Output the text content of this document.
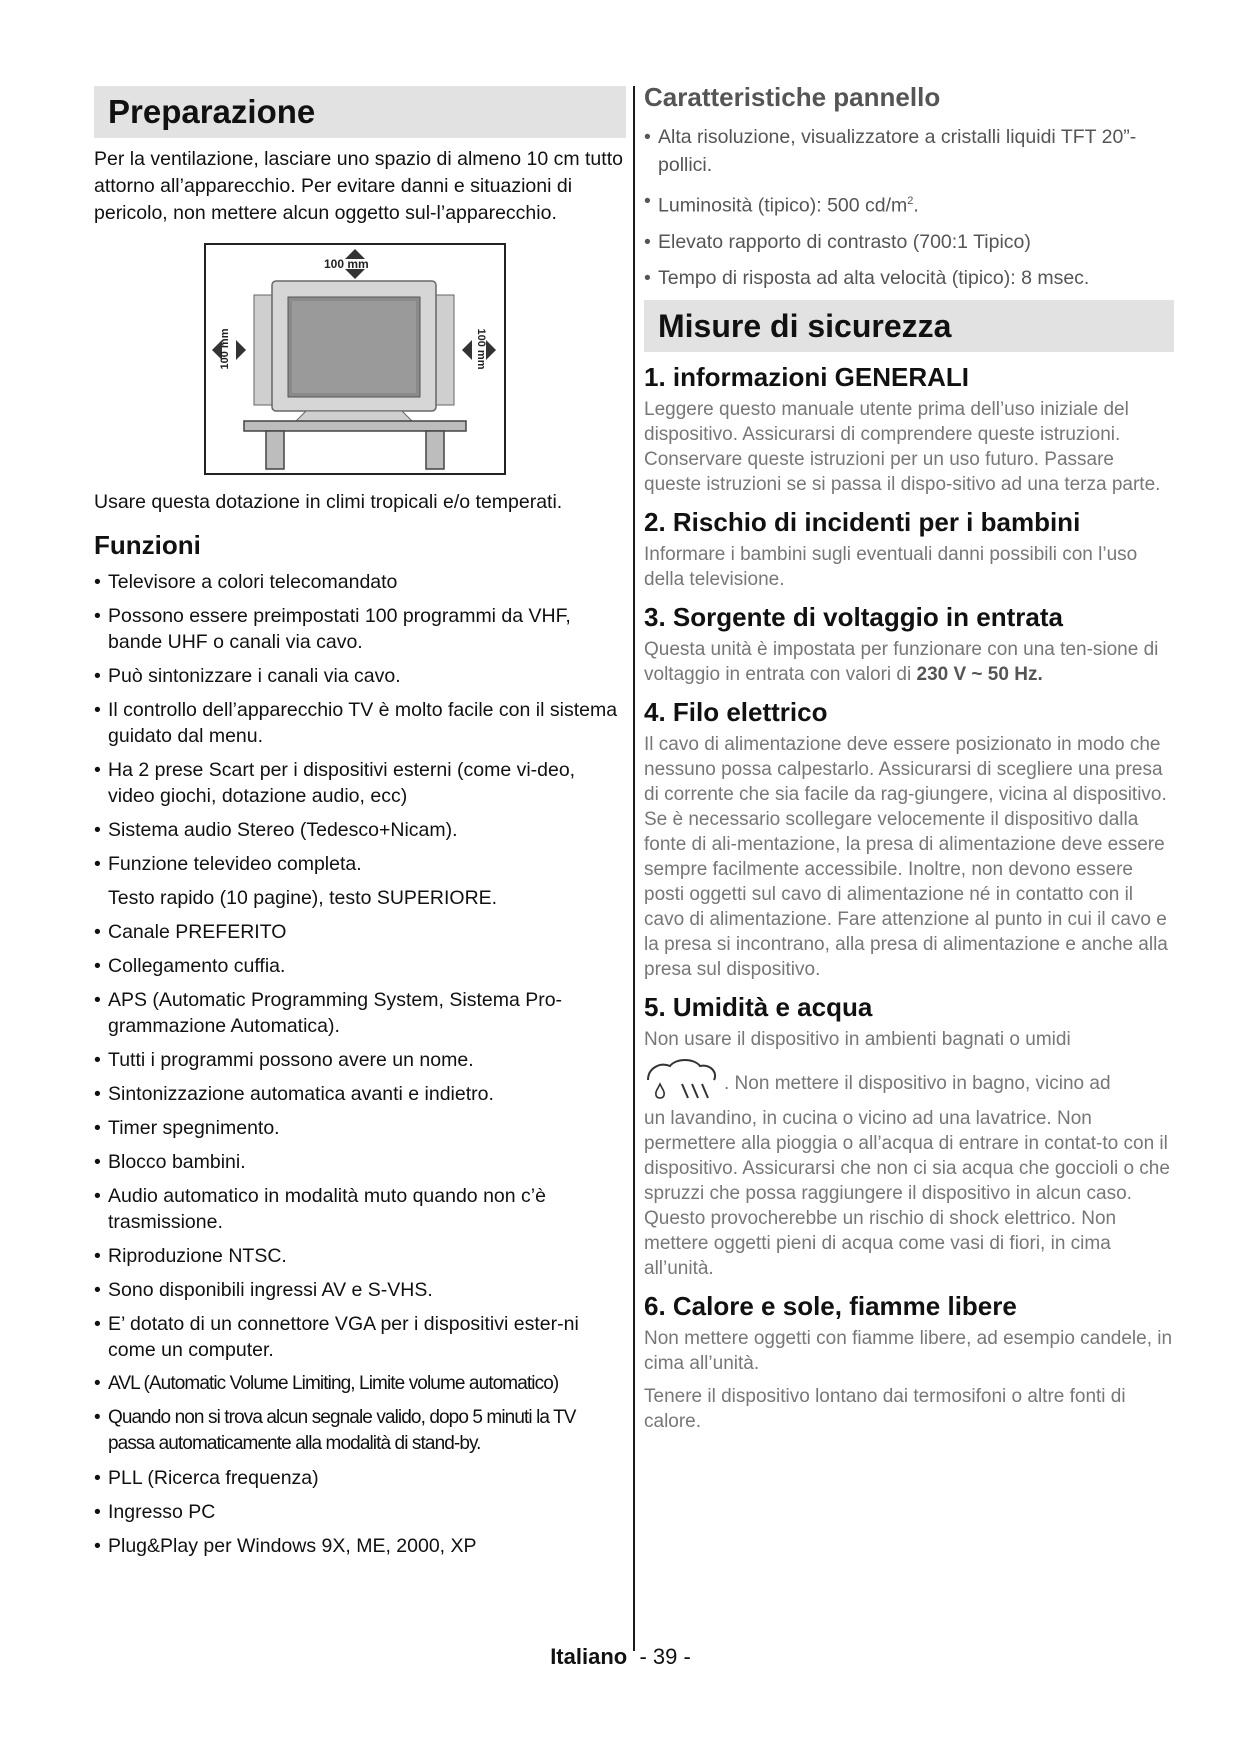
Preparazione

Per la ventilazione, lasciare uno spazio di almeno 10 cm tutto attorno all’apparecchio. Per evitare danni e situazioni di pericolo, non mettere alcun oggetto sul-l’apparecchio.

100 mm
100 mm	100 mm

Usare questa dotazione in climi tropicali e/o temperati.

Funzioni
• Televisore a colori telecomandato
• Possono essere preimpostati 100 programmi da VHF, bande UHF o canali via cavo.
• Può sintonizzare i canali via cavo.
• Il controllo dell’apparecchio TV è molto facile con il sistema guidato dal menu.
• Ha 2 prese Scart per i dispositivi esterni (come vi-deo, video giochi, dotazione audio, ecc)
• Sistema audio Stereo (Tedesco+Nicam).
• Funzione televideo completa.
Testo rapido (10 pagine), testo SUPERIORE.
• Canale PREFERITO
• Collegamento cuffia.
• APS (Automatic Programming System, Sistema Pro-grammazione Automatica).
• Tutti i programmi possono avere un nome.
• Sintonizzazione automatica avanti e indietro.
• Timer spegnimento.
• Blocco bambini.
• Audio automatico in modalità muto quando non c’è trasmissione.
• Riproduzione NTSC.
• Sono disponibili ingressi AV e S-VHS.
• E’ dotato di un connettore VGA per i dispositivi ester-ni come un computer.
• AVL (Automatic Volume Limiting, Limite volume automatico)
• Quando non si trova alcun segnale valido, dopo 5 minuti la TV passa automaticamente alla modalità di stand-by.
• PLL (Ricerca frequenza)
• Ingresso PC
• Plug&Play per Windows 9X, ME, 2000, XP
Caratteristiche pannello
• Alta risoluzione, visualizzatore a cristalli liquidi TFT 20”-pollici.
• Luminosità (tipico): 500 $cd/m^2$.
• Elevato rapporto di contrasto (700:1 Tipico)
• Tempo di risposta ad alta velocità (tipico): 8 msec.
Misure di sicurezza
1. informazioni GENERALI

Leggere questo manuale utente prima dell’uso iniziale del dispositivo. Assicurarsi di comprendere queste istruzioni. Conservare queste istruzioni per un uso futuro. Passare queste istruzioni se si passa il dispo-sitivo ad una terza parte.

2. Rischio di incidenti per i bambini

Informare i bambini sugli eventuali danni possibili con l’uso della televisione.

3. Sorgente di voltaggio in entrata

Questa unità è impostata per funzionare con una ten-sione di voltaggio in entrata con valori di 230 V ~ 50 Hz.

4. Filo elettrico

Il cavo di alimentazione deve essere posizionato in modo che nessuno possa calpestarlo. Assicurarsi di scegliere una presa di corrente che sia facile da rag-giungere, vicina al dispositivo. Se è necessario scollegare velocemente il dispositivo dalla fonte di ali-mentazione, la presa di alimentazione deve essere sempre facilmente accessibile. Inoltre, non devono essere posti oggetti sul cavo di alimentazione né in contatto con il cavo di alimentazione. Fare attenzione al punto in cui il cavo e la presa si incontrano, alla presa di alimentazione e anche alla presa sul dispositivo.

5. Umidità e acqua

Non usare il dispositivo in ambienti bagnati o umidi

. Non mettere il dispositivo in bagno, vicino ad

un lavandino, in cucina o vicino ad una lavatrice. Non permettere alla pioggia o all’acqua di entrare in contat-to con il dispositivo. Assicurarsi che non ci sia acqua che goccioli o che spruzzi che possa raggiungere il dispositivo in alcun caso. Questo provocherebbe un rischio di shock elettrico. Non mettere oggetti pieni di acqua come vasi di fiori, in cima all’unità.

6. Calore e sole, fiamme libere

Non mettere oggetti con fiamme libere, ad esempio candele, in cima all’unità.

Tenere il dispositivo lontano dai termosifoni o altre fonti di calore.

Italiano - 39 -
